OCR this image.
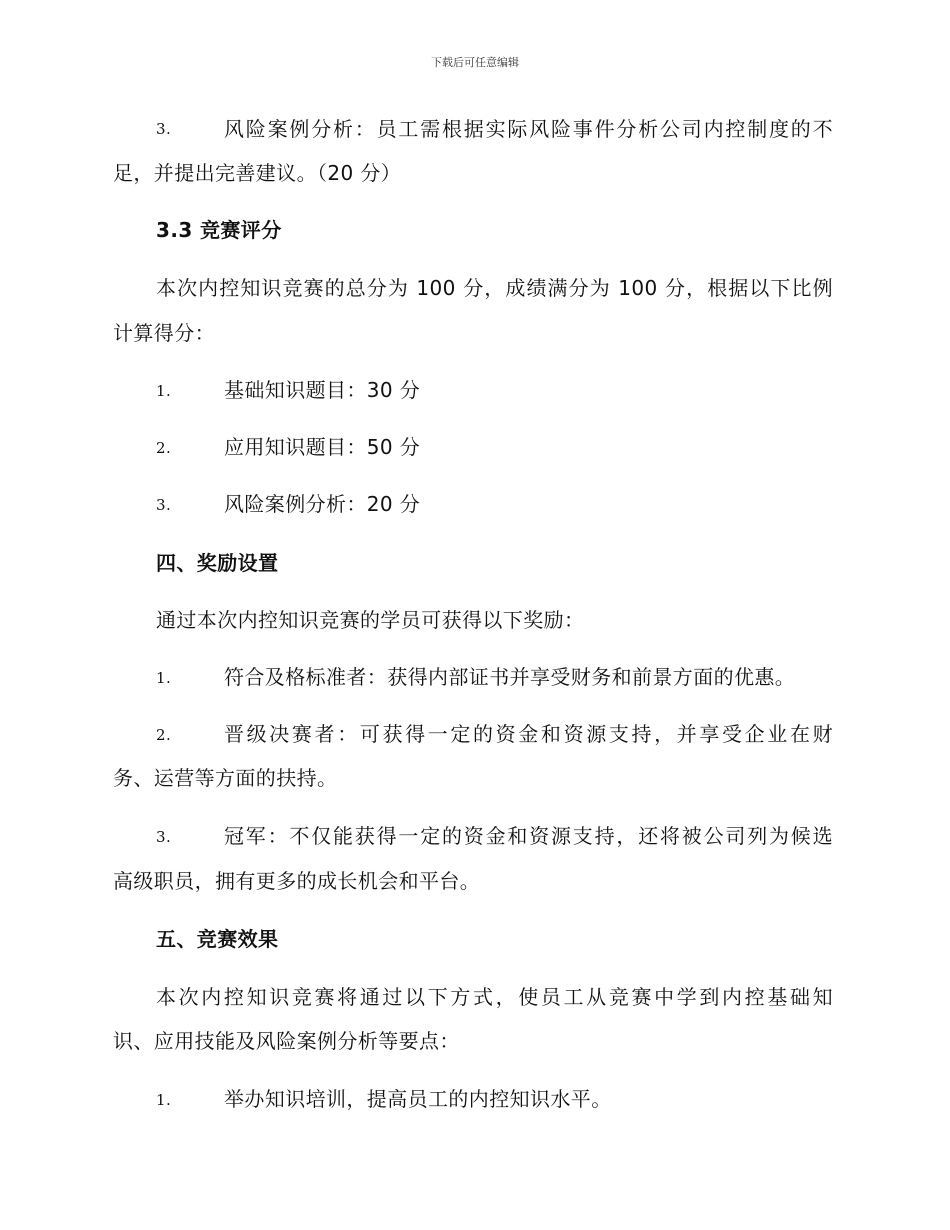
下载后可任意编辑
3.	风险案例分析：员工需根据实际风险事件分析公司内控制度的不
足，并提出完善建议。（20 分）
3.3 竞赛评分
本次内控知识竞赛的总分为 100 分，成绩满分为 100 分，根据以下比例
计算得分：
1.	基础知识题目：30 分
2.	应用知识题目：50 分
3.	风险案例分析：20 分
四、奖励设置
通过本次内控知识竞赛的学员可获得以下奖励：
1.	符合及格标准者：获得内部证书并享受财务和前景方面的优惠。
2.	晋级决赛者：可获得一定的资金和资源支持，并享受企业在财
务、运营等方面的扶持。
3.	冠军：不仅能获得一定的资金和资源支持，还将被公司列为候选
高级职员，拥有更多的成长机会和平台。
五、竞赛效果
本次内控知识竞赛将通过以下方式，使员工从竞赛中学到内控基础知
识、应用技能及风险案例分析等要点：
1.	举办知识培训，提高员工的内控知识水平。
